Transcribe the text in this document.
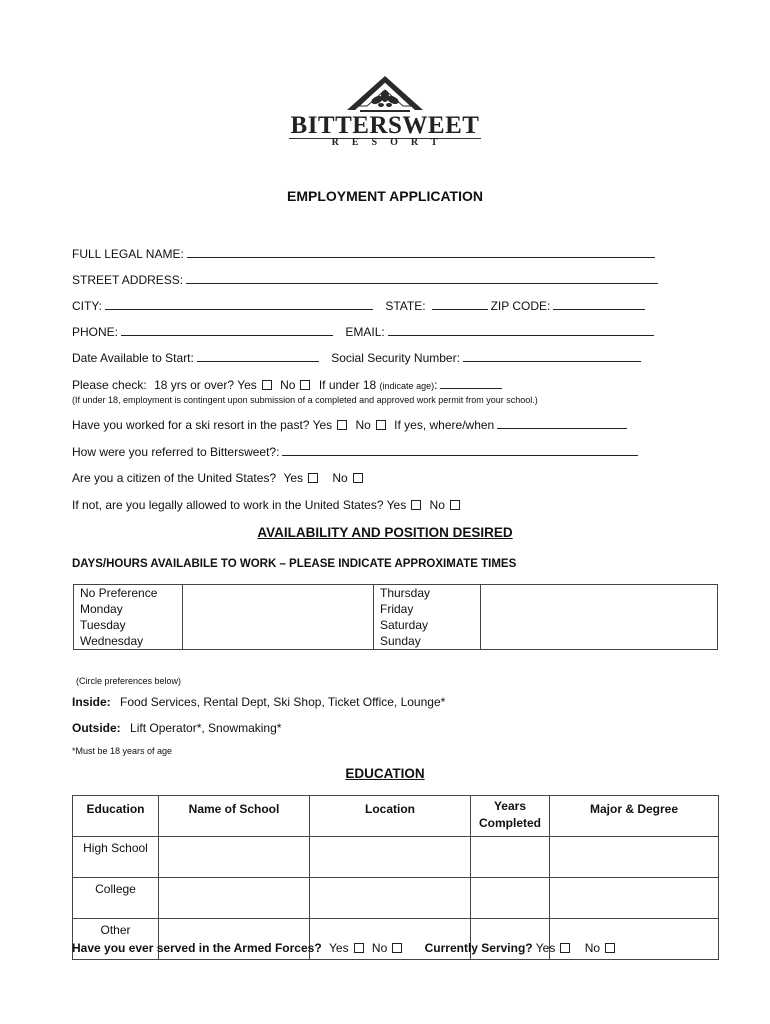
BITTERSWEET
RESORT
EMPLOYMENT APPLICATION
FULL LEGAL NAME:
STREET ADDRESS:
CITY:	STATE:	ZIP CODE:
PHONE:	EMAIL:
Date Available to Start:	Social Security Number:
Please check: 18 yrs or over? Yes No If under 18 (indicate age):
(If under 18, employment is contingent upon submission of a completed and approved work permit from your school.)
Have you worked for a ski resort in the past? Yes No If yes, where/when
How were you referred to Bittersweet?:
Are you a citizen of the United States? Yes No
If not, are you legally allowed to work in the United States? Yes No
AVAILABILITY AND POSITION DESIRED
DAYS/HOURS AVAILABILE TO WORK – PLEASE INDICATE APPROXIMATE TIMES
No Preference		Thursday	
Monday		Friday	
Tuesday		Saturday	
Wednesday		Sunday	
(Circle preferences below)
Inside: Food Services, Rental Dept, Ski Shop, Ticket Office, Lounge*
Outside: Lift Operator*, Snowmaking*
*Must be 18 years of age
EDUCATION
Education	Name of School	Location	Years Completed	Major & Degree
High School				
College				
Other				
Have you ever served in the Armed Forces? Yes No	Currently Serving? Yes No
